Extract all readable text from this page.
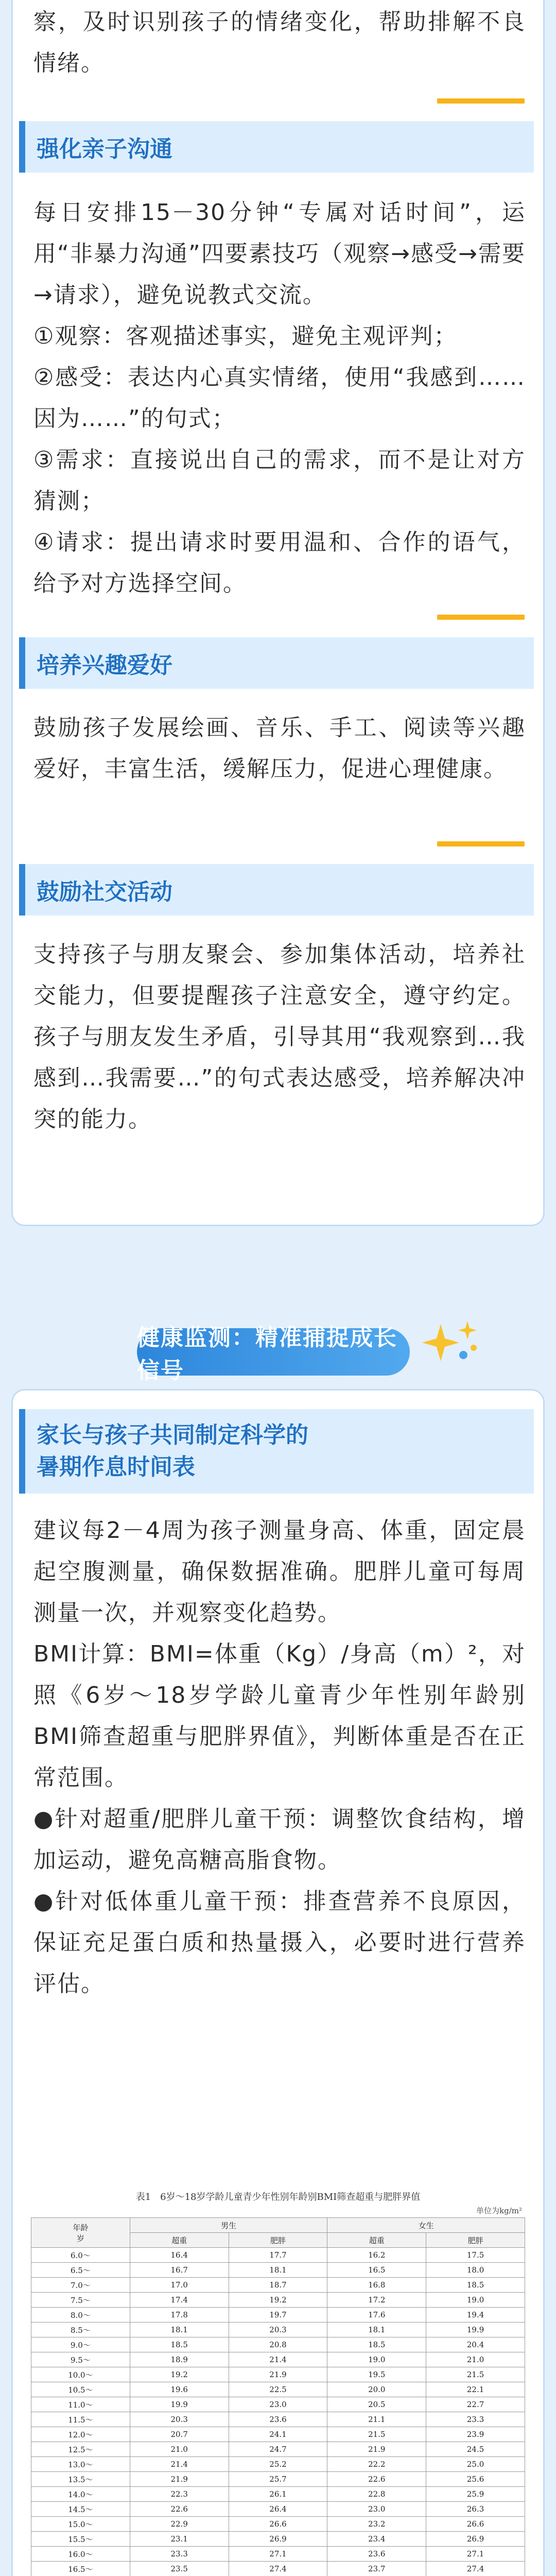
察，及时识别孩子的情绪变化，帮助排解不良情绪。

强化亲子沟通

每日安排15－30分钟“专属对话时间”，运用“非暴力沟通”四要素技巧（观察→感受→需要→请求），避免说教式交流。
①观察：客观描述事实，避免主观评判；
②感受：表达内心真实情绪，使用“我感到……因为……”的句式；
③需求：直接说出自己的需求，而不是让对方猜测；
④请求：提出请求时要用温和、合作的语气，给予对方选择空间。

培养兴趣爱好

鼓励孩子发展绘画、音乐、手工、阅读等兴趣爱好，丰富生活，缓解压力，促进心理健康。

鼓励社交活动

支持孩子与朋友聚会、参加集体活动，培养社交能力，但要提醒孩子注意安全，遵守约定。孩子与朋友发生矛盾，引导其用“我观察到…我感到…我需要…”的句式表达感受，培养解决冲突的能力。

健康监测：精准捕捉成长信号
家长与孩子共同制定科学的
暑期作息时间表

建议每2－4周为孩子测量身高、体重，固定晨起空腹测量，确保数据准确。肥胖儿童可每周测量一次，并观察变化趋势。
BMI计算：BMI=体重（Kg）/身高（m）²，对照《6岁～18岁学龄儿童青少年性别年龄别BMI筛查超重与肥胖界值》，判断体重是否在正常范围。
●针对超重/肥胖儿童干预：调整饮食结构，增加运动，避免高糖高脂食物。
●针对低体重儿童干预：排查营养不良原因，保证充足蛋白质和热量摄入，必要时进行营养评估。

表1　6岁～18岁学龄儿童青少年性别年龄别BMI筛查超重与肥胖界值

单位为kg/m²

年龄
岁	男生		女生	
	超重	肥胖	超重	肥胖
6.0～	16.4	17.7	16.2	17.5
6.5～	16.7	18.1	16.5	18.0
7.0～	17.0	18.7	16.8	18.5
7.5～	17.4	19.2	17.2	19.0
8.0～	17.8	19.7	17.6	19.4
8.5～	18.1	20.3	18.1	19.9
9.0～	18.5	20.8	18.5	20.4
9.5～	18.9	21.4	19.0	21.0
10.0～	19.2	21.9	19.5	21.5
10.5～	19.6	22.5	20.0	22.1
11.0～	19.9	23.0	20.5	22.7
11.5～	20.3	23.6	21.1	23.3
12.0～	20.7	24.1	21.5	23.9
12.5～	21.0	24.7	21.9	24.5
13.0～	21.4	25.2	22.2	25.0
13.5～	21.9	25.7	22.6	25.6
14.0～	22.3	26.1	22.8	25.9
14.5～	22.6	26.4	23.0	26.3
15.0～	22.9	26.6	23.2	26.6
15.5～	23.1	26.9	23.4	26.9
16.0～	23.3	27.1	23.6	27.1
16.5～	23.5	27.4	23.7	27.4
